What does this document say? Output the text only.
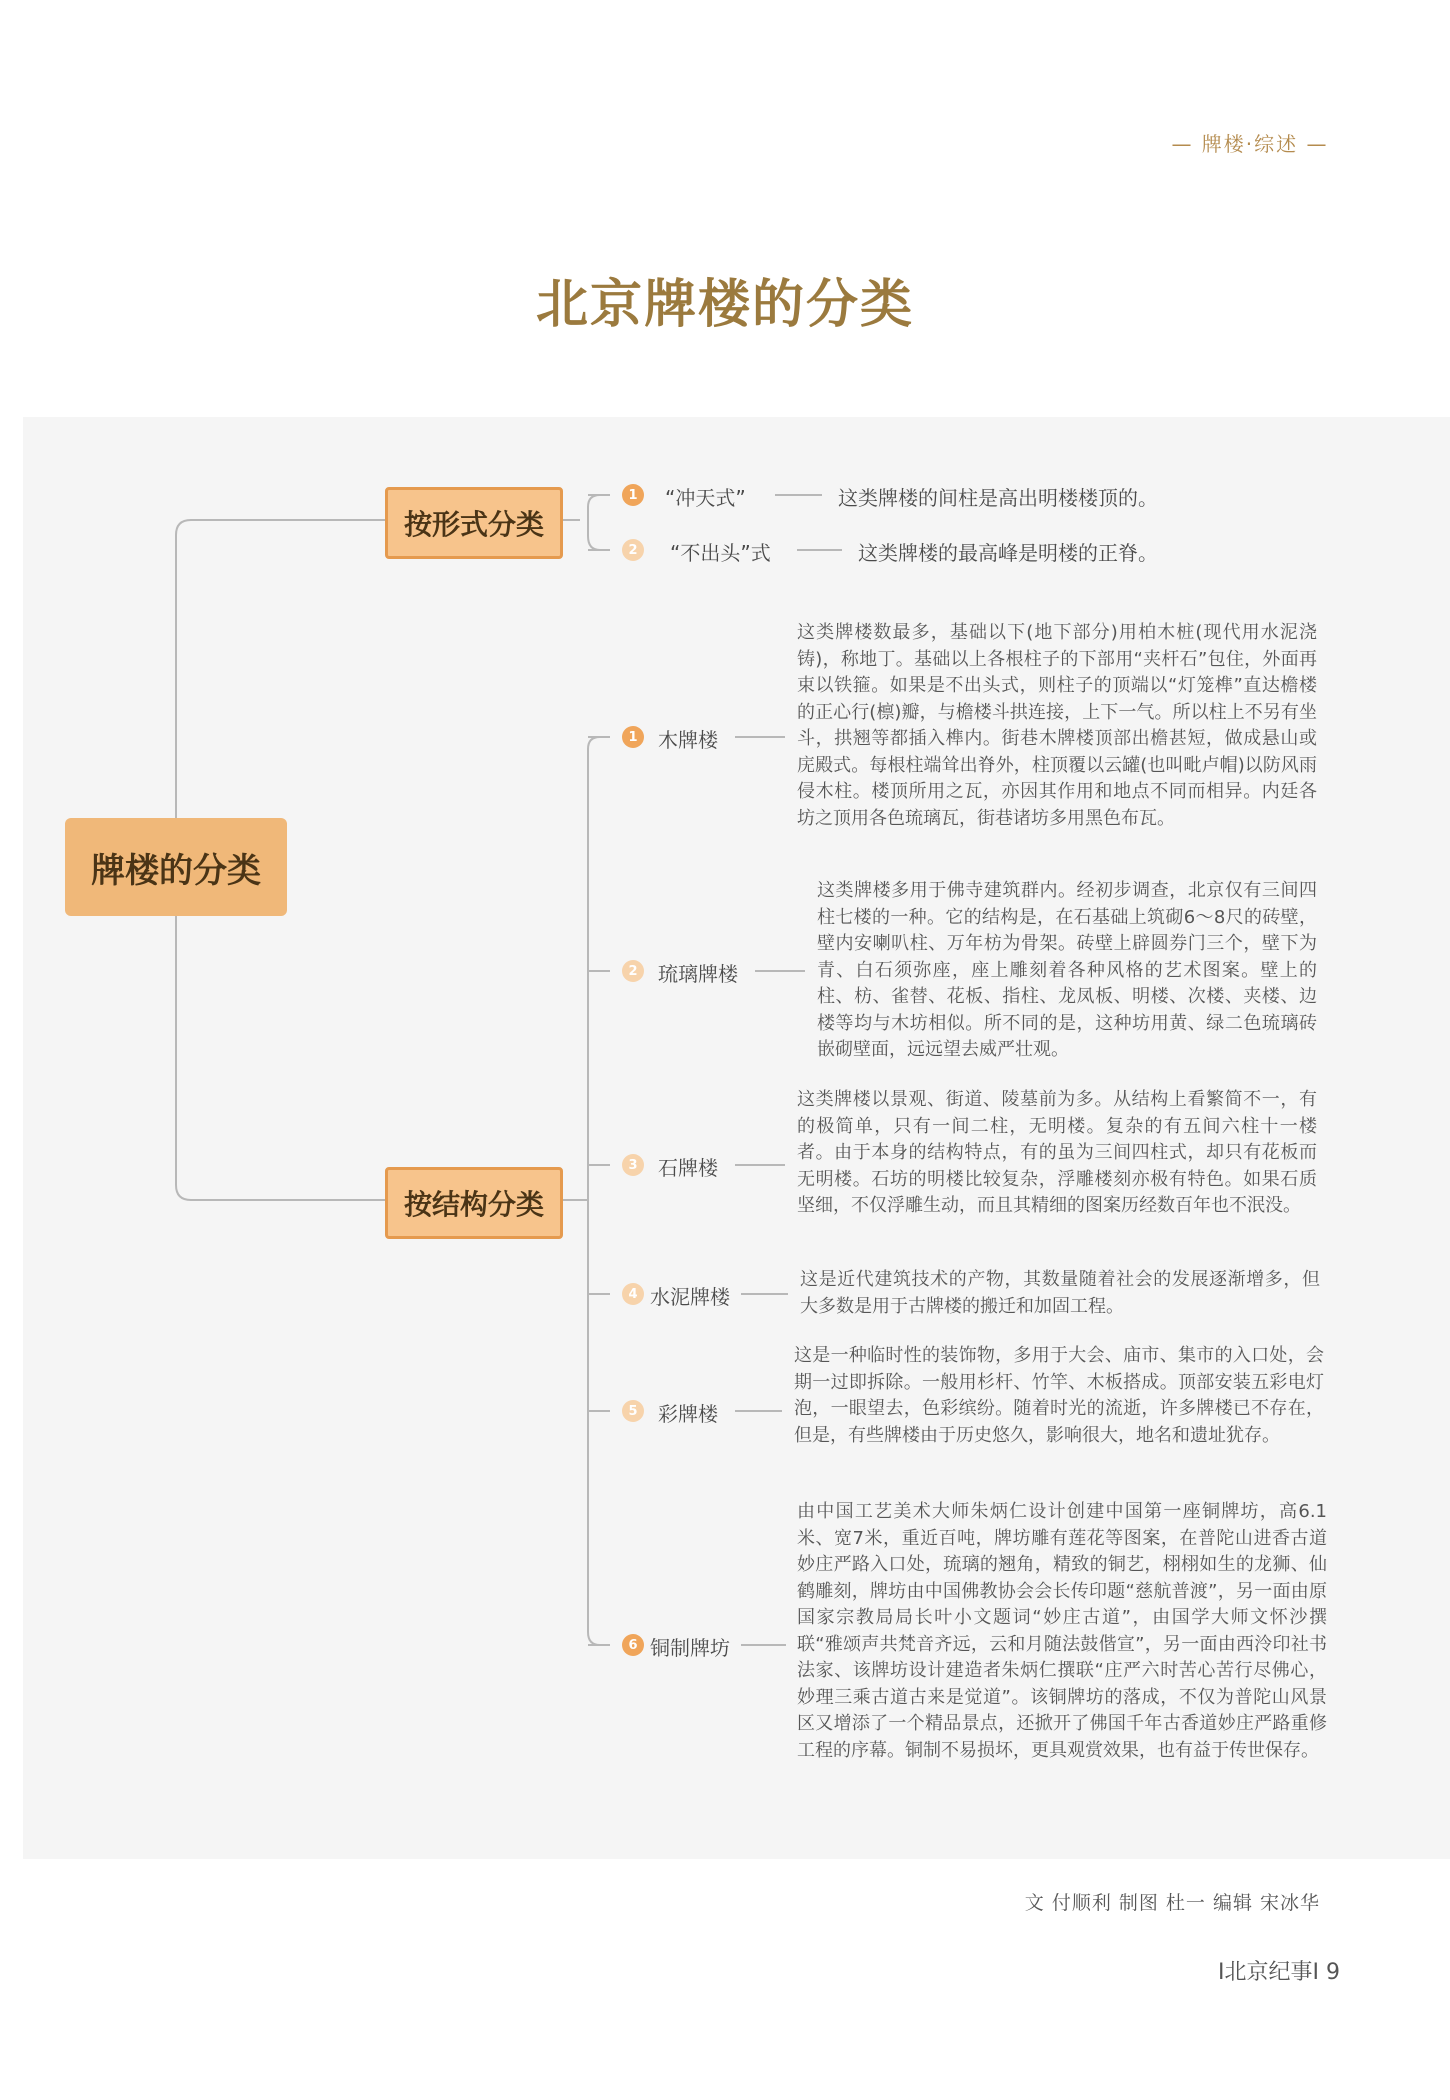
— 牌楼·综述 —
北京牌楼的分类
牌楼的分类
按形式分类
按结构分类
1	“冲天式”	这类牌楼的间柱是高出明楼楼顶的。
2	“不出头”式	这类牌楼的最高峰是明楼的正脊。
1	木牌楼
这类牌楼数最多，基础以下(地下部分)用柏木桩(现代用水泥浇铸)，称地丁。基础以上各根柱子的下部用“夹杆石”包住，外面再束以铁箍。如果是不出头式，则柱子的顶端以“灯笼榫”直达檐楼的正心行(檩)瓣，与檐楼斗拱连接，上下一气。所以柱上不另有坐斗，拱翘等都插入榫内。街巷木牌楼顶部出檐甚短，做成悬山或庑殿式。每根柱端耸出脊外，柱顶覆以云罐(也叫毗卢帽)以防风雨侵木柱。楼顶所用之瓦，亦因其作用和地点不同而相异。内廷各坊之顶用各色琉璃瓦，街巷诸坊多用黑色布瓦。
2	琉璃牌楼
这类牌楼多用于佛寺建筑群内。经初步调查，北京仅有三间四柱七楼的一种。它的结构是，在石基础上筑砌6～8尺的砖壁，壁内安喇叭柱、万年枋为骨架。砖壁上辟圆券门三个，壁下为青、白石须弥座，座上雕刻着各种风格的艺术图案。壁上的柱、枋、雀替、花板、指柱、龙凤板、明楼、次楼、夹楼、边楼等均与木坊相似。所不同的是，这种坊用黄、绿二色琉璃砖嵌砌壁面，远远望去威严壮观。
3	石牌楼
这类牌楼以景观、街道、陵墓前为多。从结构上看繁简不一，有的极简单，只有一间二柱，无明楼。复杂的有五间六柱十一楼者。由于本身的结构特点，有的虽为三间四柱式，却只有花板而无明楼。石坊的明楼比较复杂，浮雕楼刻亦极有特色。如果石质坚细，不仅浮雕生动，而且其精细的图案历经数百年也不泯没。
4 水泥牌楼
这是近代建筑技术的产物，其数量随着社会的发展逐渐增多，但大多数是用于古牌楼的搬迁和加固工程。
5	彩牌楼
这是一种临时性的装饰物，多用于大会、庙市、集市的入口处，会期一过即拆除。一般用杉杆、竹竿、木板搭成。顶部安装五彩电灯泡，一眼望去，色彩缤纷。随着时光的流逝，许多牌楼已不存在，但是，有些牌楼由于历史悠久，影响很大，地名和遗址犹存。
6 铜制牌坊
由中国工艺美术大师朱炳仁设计创建中国第一座铜牌坊，高6.1米、宽7米，重近百吨，牌坊雕有莲花等图案，在普陀山进香古道妙庄严路入口处，琉璃的翘角，精致的铜艺，栩栩如生的龙狮、仙鹤雕刻，牌坊由中国佛教协会会长传印题“慈航普渡”，另一面由原国家宗教局局长叶小文题词“妙庄古道”，由国学大师文怀沙撰联“雅颂声共梵音齐远，云和月随法鼓偕宣”，另一面由西泠印社书法家、该牌坊设计建造者朱炳仁撰联“庄严六时苦心苦行尽佛心，妙理三乘古道古来是觉道”。该铜牌坊的落成，不仅为普陀山风景区又增添了一个精品景点，还掀开了佛国千年古香道妙庄严路重修工程的序幕。铜制不易损坏，更具观赏效果，也有益于传世保存。
文 付顺利 制图 杜一 编辑 宋冰华
I北京纪事I 9
